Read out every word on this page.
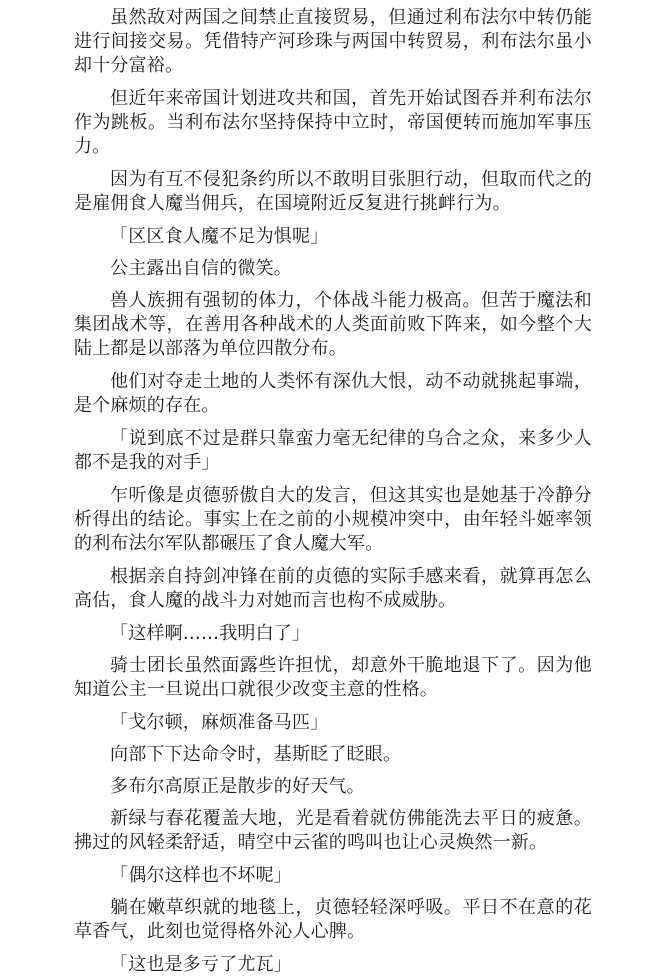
虽然敌对两国之间禁止直接贸易，但通过利布法尔中转仍能进行间接交易。凭借特产河珍珠与两国中转贸易，利布法尔虽小却十分富裕。

但近年来帝国计划进攻共和国，首先开始试图吞并利布法尔作为跳板。当利布法尔坚持保持中立时，帝国便转而施加军事压力。

因为有互不侵犯条约所以不敢明目张胆行动，但取而代之的是雇佣食人魔当佣兵，在国境附近反复进行挑衅行为。

「区区食人魔不足为惧呢」

公主露出自信的微笑。

兽人族拥有强韧的体力，个体战斗能力极高。但苦于魔法和集团战术等，在善用各种战术的人类面前败下阵来，如今整个大陆上都是以部落为单位四散分布。

他们对夺走土地的人类怀有深仇大恨，动不动就挑起事端，是个麻烦的存在。

「说到底不过是群只靠蛮力毫无纪律的乌合之众，来多少人都不是我的对手」

乍听像是贞德骄傲自大的发言，但这其实也是她基于冷静分析得出的结论。事实上在之前的小规模冲突中，由年轻斗姬率领的利布法尔军队都碾压了食人魔大军。

根据亲自持剑冲锋在前的贞德的实际手感来看，就算再怎么高估，食人魔的战斗力对她而言也构不成威胁。

「这样啊……我明白了」

骑士团长虽然面露些许担忧，却意外干脆地退下了。因为他知道公主一旦说出口就很少改变主意的性格。

「戈尔顿，麻烦准备马匹」

向部下下达命令时，基斯眨了眨眼。

多布尔高原正是散步的好天气。

新绿与春花覆盖大地，光是看着就仿佛能洗去平日的疲惫。拂过的风轻柔舒适，晴空中云雀的鸣叫也让心灵焕然一新。

「偶尔这样也不坏呢」

躺在嫩草织就的地毯上，贞德轻轻深呼吸。平日不在意的花草香气，此刻也觉得格外沁人心脾。

「这也是多亏了尤瓦」
